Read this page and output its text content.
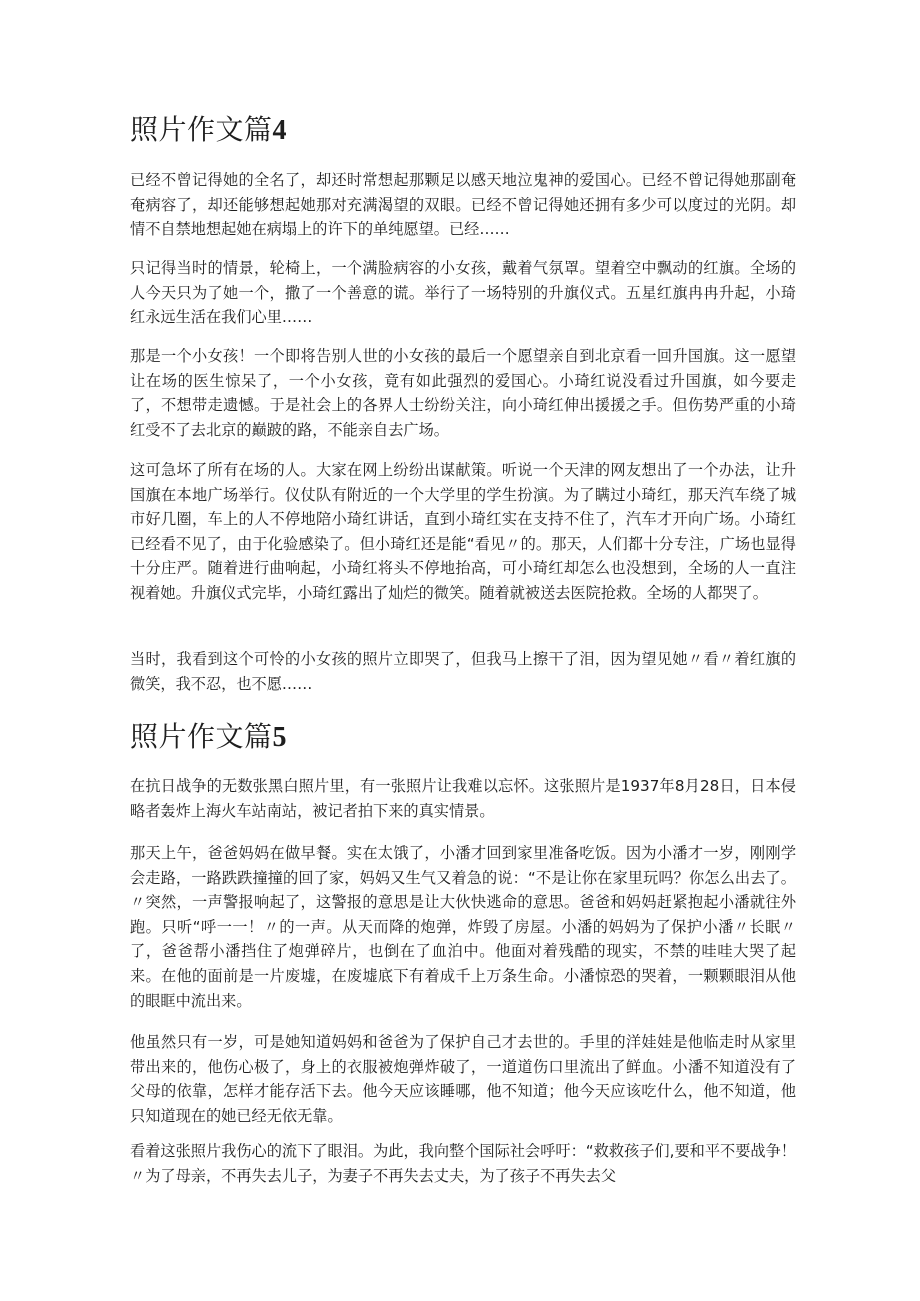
照片作文篇4

已经不曾记得她的全名了，却还时常想起那颗足以感天地泣鬼神的爱国心。已经不曾记得她那副奄奄病容了，却还能够想起她那对充满渴望的双眼。已经不曾记得她还拥有多少可以度过的光阴。却情不自禁地想起她在病塌上的许下的单纯愿望。已经……

只记得当时的情景，轮椅上，一个满脸病容的小女孩，戴着气氛罩。望着空中飘动的红旗。全场的人今天只为了她一个，撒了一个善意的谎。举行了一场特别的升旗仪式。五星红旗冉冉升起，小琦红永远生活在我们心里……

那是一个小女孩！一个即将告别人世的小女孩的最后一个愿望亲自到北京看一回升国旗。这一愿望让在场的医生惊呆了，一个小女孩，竟有如此强烈的爱国心。小琦红说没看过升国旗，如今要走了，不想带走遗憾。于是社会上的各界人士纷纷关注，向小琦红伸出援援之手。但伤势严重的小琦红受不了去北京的巅跛的路，不能亲自去广场。

这可急坏了所有在场的人。大家在网上纷纷出谋献策。听说一个天津的网友想出了一个办法，让升国旗在本地广场举行。仪仗队有附近的一个大学里的学生扮演。为了瞒过小琦红，那天汽车绕了城市好几圈，车上的人不停地陪小琦红讲话，直到小琦红实在支持不住了，汽车才开向广场。小琦红已经看不见了，由于化验感染了。但小琦红还是能“看见〃的。那天，人们都十分专注，广场也显得十分庄严。随着进行曲响起，小琦红将头不停地抬高，可小琦红却怎么也没想到，全场的人一直注视着她。升旗仪式完毕，小琦红露出了灿烂的微笑。随着就被送去医院抢救。全场的人都哭了。

当时，我看到这个可怜的小女孩的照片立即哭了，但我马上擦干了泪，因为望见她〃看〃着红旗的微笑，我不忍，也不愿……

照片作文篇5

在抗日战争的无数张黑白照片里，有一张照片让我难以忘怀。这张照片是1937年8月28日，日本侵略者轰炸上海火车站南站，被记者拍下来的真实情景。

那天上午，爸爸妈妈在做早餐。实在太饿了，小潘才回到家里准备吃饭。因为小潘才一岁，刚刚学会走路，一路跌跌撞撞的回了家，妈妈又生气又着急的说：“不是让你在家里玩吗？你怎么出去了。〃突然，一声警报响起了，这警报的意思是让大伙快逃命的意思。爸爸和妈妈赶紧抱起小潘就往外跑。只听“呼一一！〃的一声。从天而降的炮弹，炸毁了房屋。小潘的妈妈为了保护小潘〃长眠〃了，爸爸帮小潘挡住了炮弹碎片，也倒在了血泊中。他面对着残酷的现实，不禁的哇哇大哭了起来。在他的面前是一片废墟，在废墟底下有着成千上万条生命。小潘惊恐的哭着，一颗颗眼泪从他的眼眶中流出来。

他虽然只有一岁，可是她知道妈妈和爸爸为了保护自己才去世的。手里的洋娃娃是他临走时从家里带出来的，他伤心极了，身上的衣服被炮弹炸破了，一道道伤口里流出了鲜血。小潘不知道没有了父母的依靠，怎样才能存活下去。他今天应该睡哪，他不知道；他今天应该吃什么，他不知道，他只知道现在的她已经无依无靠。

看着这张照片我伤心的流下了眼泪。为此，我向整个国际社会呼吁：“救救孩子们,要和平不要战争！〃为了母亲，不再失去儿子，为妻子不再失去丈夫，为了孩子不再失去父
